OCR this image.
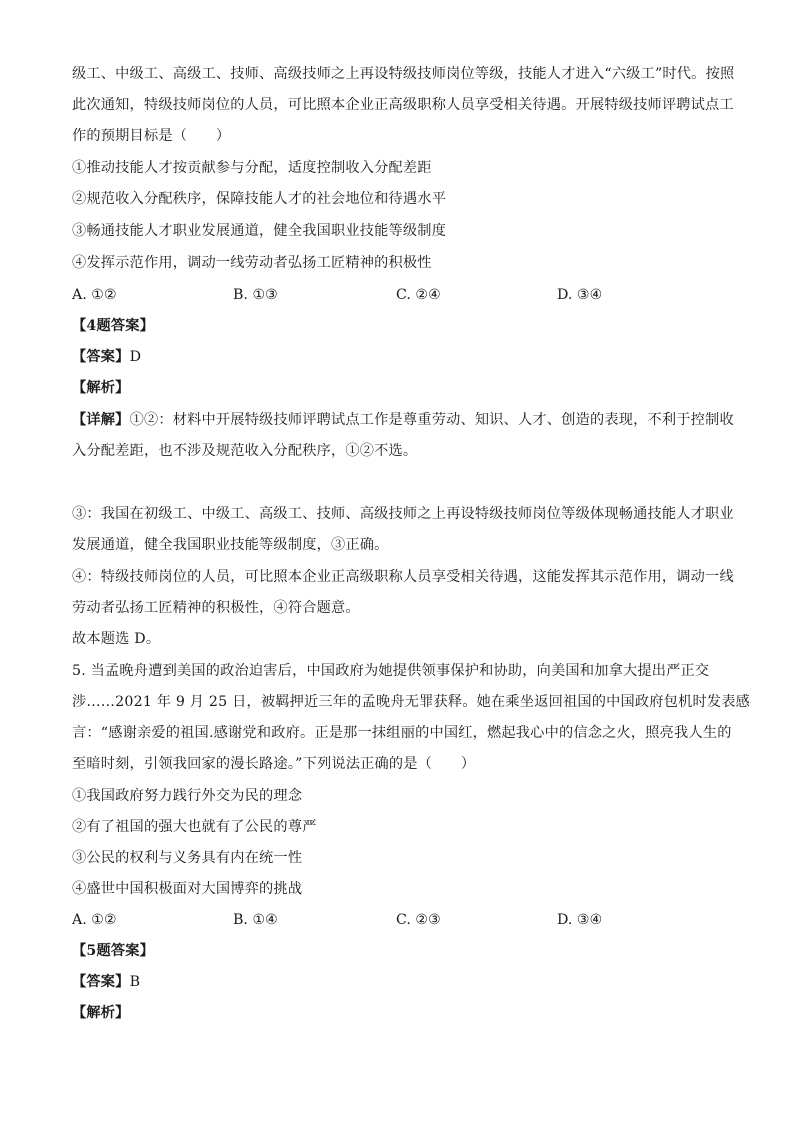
级工、中级工、高级工、技师、高级技师之上再设特级技师岗位等级，技能人才进入“六级工”时代。按照
此次通知，特级技师岗位的人员，可比照本企业正高级职称人员享受相关待遇。开展特级技师评聘试点工
作的预期目标是（　　）
①推动技能人才按贡献参与分配，适度控制收入分配差距
②规范收入分配秩序，保障技能人才的社会地位和待遇水平
③畅通技能人才职业发展通道，健全我国职业技能等级制度
④发挥示范作用，调动一线劳动者弘扬工匠精神的积极性
A. ①②	B. ①③	C. ②④	D. ③④
【4题答案】
【答案】D
【解析】
【详解】①②：材料中开展特级技师评聘试点工作是尊重劳动、知识、人才、创造的表现，不利于控制收
入分配差距，也不涉及规范收入分配秩序，①②不选。
③：我国在初级工、中级工、高级工、技师、高级技师之上再设特级技师岗位等级体现畅通技能人才职业
发展通道，健全我国职业技能等级制度，③正确。
④：特级技师岗位的人员，可比照本企业正高级职称人员享受相关待遇，这能发挥其示范作用，调动一线
劳动者弘扬工匠精神的积极性，④符合题意。
故本题选 D。
5. 当孟晚舟遭到美国的政治迫害后，中国政府为她提供领事保护和协助，向美国和加拿大提出严正交
涉……2021 年 9 月 25 日，被羁押近三年的孟晚舟无罪获释。她在乘坐返回祖国的中国政府包机时发表感
言：“感谢亲爱的祖国.感谢党和政府。正是那一抹组丽的中国红，燃起我心中的信念之火，照亮我人生的
至暗时刻，引领我回家的漫长路途。”下列说法正确的是（　　）
①我国政府努力践行外交为民的理念
②有了祖国的强大也就有了公民的尊严
③公民的权利与义务具有内在统一性
④盛世中国积极面对大国博弈的挑战
A. ①②	B. ①④	C. ②③	D. ③④
【5题答案】
【答案】B
【解析】
